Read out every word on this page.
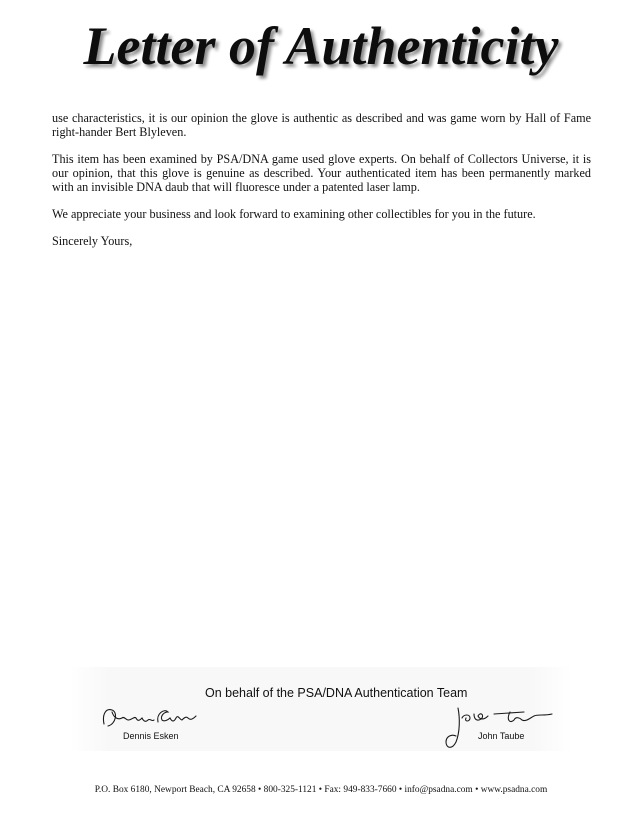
Letter of Authenticity

use characteristics, it is our opinion the glove is authentic as described and was game worn by Hall of Fame right-hander Bert Blyleven.

This item has been examined by PSA/DNA game used glove experts. On behalf of Collectors Universe, it is our opinion, that this glove is genuine as described. Your authenticated item has been permanently marked with an invisible DNA daub that will fluoresce under a patented laser lamp.

We appreciate your business and look forward to examining other collectibles for you in the future.

Sincerely Yours,

On behalf of the PSA/DNA Authentication Team
Dennis Esken
Dennis Esken
John Taube
John Taube
P.O. Box 6180, Newport Beach, CA 92658 • 800-325-1121 • Fax: 949-833-7660 • info@psadna.com • www.psadna.com
